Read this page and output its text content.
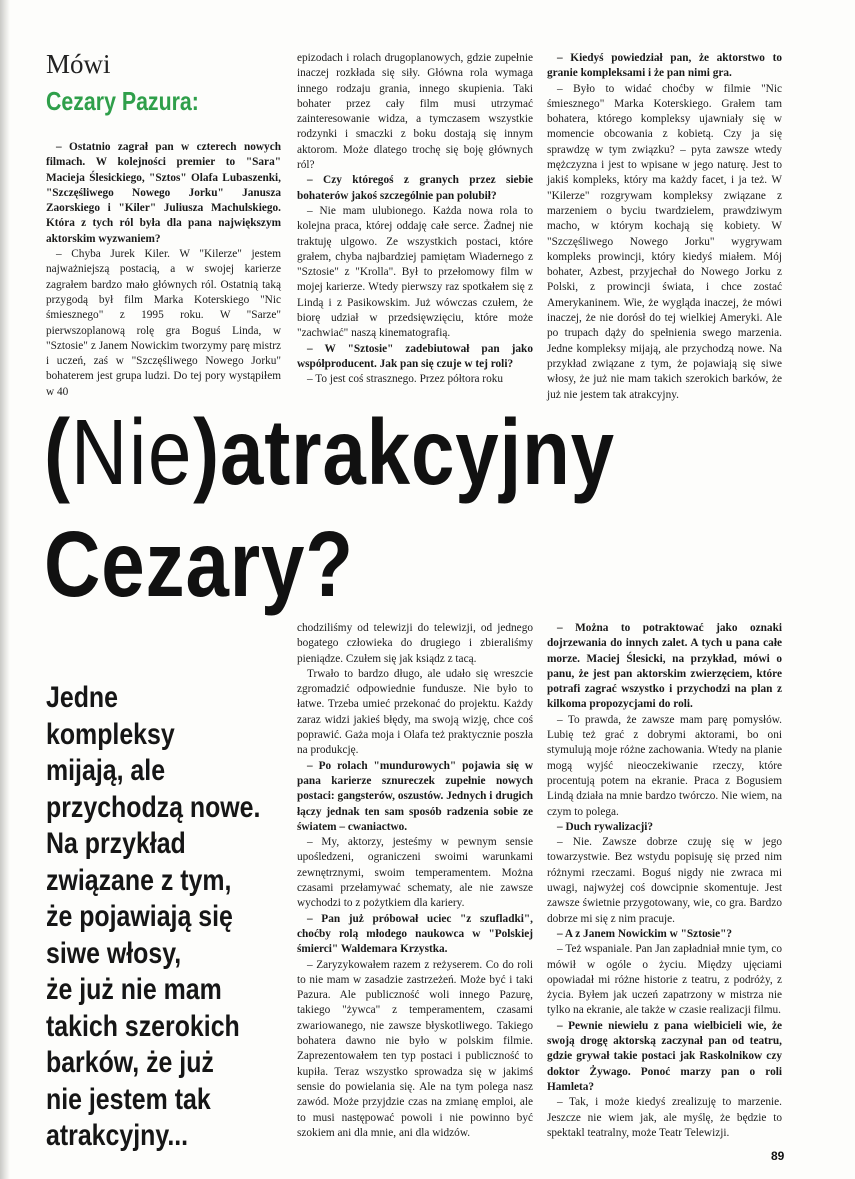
Mówi
Cezary Pazura:

– Ostatnio zagrał pan w czterech nowych filmach. W kolejności premier to "Sara" Macieja Ślesickiego, "Sztos" Olafa Lubaszenki, "Szczęśliwego Nowego Jorku" Janusza Zaorskiego i "Kiler" Juliusza Machulskiego. Która z tych ról była dla pana największym aktorskim wyzwaniem?

– Chyba Jurek Kiler. W "Kilerze" jestem najważniejszą postacią, a w swojej karierze zagrałem bardzo mało głównych ról. Ostatnią taką przygodą był film Marka Koterskiego "Nic śmiesznego" z 1995 roku. W "Sarze" pierwszoplanową rolę gra Boguś Linda, w "Sztosie" z Janem Nowickim tworzymy parę mistrz i uczeń, zaś w "Szczęśliwego Nowego Jorku" bohaterem jest grupa ludzi. Do tej pory wystąpiłem w 40

epizodach i rolach drugoplanowych, gdzie zupełnie inaczej rozkłada się siły. Główna rola wymaga innego rodzaju grania, innego skupienia. Taki bohater przez cały film musi utrzymać zainteresowanie widza, a tymczasem wszystkie rodzynki i smaczki z boku dostają się innym aktorom. Może dlatego trochę się boję głównych ról?

– Czy któregoś z granych przez siebie bohaterów jakoś szczególnie pan polubił?

– Nie mam ulubionego. Każda nowa rola to kolejna praca, której oddaję całe serce. Żadnej nie traktuję ulgowo. Ze wszystkich postaci, które grałem, chyba najbardziej pamiętam Wiadernego z "Sztosie" z "Krolla". Był to przełomowy film w mojej karierze. Wtedy pierwszy raz spotkałem się z Lindą i z Pasikowskim. Już wówczas czułem, że biorę udział w przedsięwzięciu, które może "zachwiać" naszą kinematografią.

– W "Sztosie" zadebiutował pan jako współproducent. Jak pan się czuje w tej roli?

– To jest coś strasznego. Przez półtora roku

– Kiedyś powiedział pan, że aktorstwo to granie kompleksami i że pan nimi gra.

– Było to widać choćby w filmie "Nic śmiesznego" Marka Koterskiego. Grałem tam bohatera, którego kompleksy ujawniały się w momencie obcowania z kobietą. Czy ja się sprawdzę w tym związku? – pyta zawsze wtedy mężczyzna i jest to wpisane w jego naturę. Jest to jakiś kompleks, który ma każdy facet, i ja też. W "Kilerze" rozgrywam kompleksy związane z marzeniem o byciu twardzielem, prawdziwym macho, w którym kochają się kobiety. W "Szczęśliwego Nowego Jorku" wygrywam kompleks prowincji, który kiedyś miałem. Mój bohater, Azbest, przyjechał do Nowego Jorku z Polski, z prowincji świata, i chce zostać Amerykaninem. Wie, że wygląda inaczej, że mówi inaczej, że nie dorósł do tej wielkiej Ameryki. Ale po trupach dąży do spełnienia swego marzenia. Jedne kompleksy mijają, ale przychodzą nowe. Na przykład związane z tym, że pojawiają się siwe włosy, że już nie mam takich szerokich barków, że już nie jestem tak atrakcyjny.

(Nie)atrakcyjny
Cezary?
Jedne
kompleksy
mijają, ale
przychodzą nowe.
Na przykład
związane z tym,
że pojawiają się
siwe włosy,
że już nie mam
takich szerokich
barków, że już
nie jestem tak
atrakcyjny...

chodziliśmy od telewizji do telewizji, od jednego bogatego człowieka do drugiego i zbieraliśmy pieniądze. Czułem się jak ksiądz z tacą.

Trwało to bardzo długo, ale udało się wreszcie zgromadzić odpowiednie fundusze. Nie było to łatwe. Trzeba umieć przekonać do projektu. Każdy zaraz widzi jakieś błędy, ma swoją wizję, chce coś poprawić. Gaża moja i Olafa też praktycznie poszła na produkcję.

– Po rolach "mundurowych" pojawia się w pana karierze sznureczek zupełnie nowych postaci: gangsterów, oszustów. Jednych i drugich łączy jednak ten sam sposób radzenia sobie ze światem – cwaniactwo.

– My, aktorzy, jesteśmy w pewnym sensie upośledzeni, ograniczeni swoimi warunkami zewnętrznymi, swoim temperamentem. Można czasami przełamywać schematy, ale nie zawsze wychodzi to z pożytkiem dla kariery.

– Pan już próbował uciec "z szufladki", choćby rolą młodego naukowca w "Polskiej śmierci" Waldemara Krzystka.

– Zaryzykowałem razem z reżyserem. Co do roli to nie mam w zasadzie zastrzeżeń. Może być i taki Pazura. Ale publiczność woli innego Pazurę, takiego "żywca" z temperamentem, czasami zwariowanego, nie zawsze błyskotliwego. Takiego bohatera dawno nie było w polskim filmie. Zaprezentowałem ten typ postaci i publiczność to kupiła. Teraz wszystko sprowadza się w jakimś sensie do powielania się. Ale na tym polega nasz zawód. Może przyjdzie czas na zmianę emploi, ale to musi następować powoli i nie powinno być szokiem ani dla mnie, ani dla widzów.

– Można to potraktować jako oznaki dojrzewania do innych zalet. A tych u pana całe morze. Maciej Ślesicki, na przykład, mówi o panu, że jest pan aktorskim zwierzęciem, które potrafi zagrać wszystko i przychodzi na plan z kilkoma propozycjami do roli.

– To prawda, że zawsze mam parę pomysłów. Lubię też grać z dobrymi aktorami, bo oni stymulują moje różne zachowania. Wtedy na planie mogą wyjść nieoczekiwanie rzeczy, które procentują potem na ekranie. Praca z Bogusiem Lindą działa na mnie bardzo twórczo. Nie wiem, na czym to polega.

– Duch rywalizacji?

– Nie. Zawsze dobrze czuję się w jego towarzystwie. Bez wstydu popisuję się przed nim różnymi rzeczami. Boguś nigdy nie zwraca mi uwagi, najwyżej coś dowcipnie skomentuje. Jest zawsze świetnie przygotowany, wie, co gra. Bardzo dobrze mi się z nim pracuje.

– A z Janem Nowickim w "Sztosie"?

– Też wspaniale. Pan Jan zapładniał mnie tym, co mówił w ogóle o życiu. Między ujęciami opowiadał mi różne historie z teatru, z podróży, z życia. Byłem jak uczeń zapatrzony w mistrza nie tylko na ekranie, ale także w czasie realizacji filmu.

– Pewnie niewielu z pana wielbicieli wie, że swoją drogę aktorską zaczynał pan od teatru, gdzie grywał takie postaci jak Raskolnikow czy doktor Żywago. Ponoć marzy pan o roli Hamleta?

– Tak, i może kiedyś zrealizuję to marzenie. Jeszcze nie wiem jak, ale myślę, że będzie to spektakl teatralny, może Teatr Telewizji.

89
